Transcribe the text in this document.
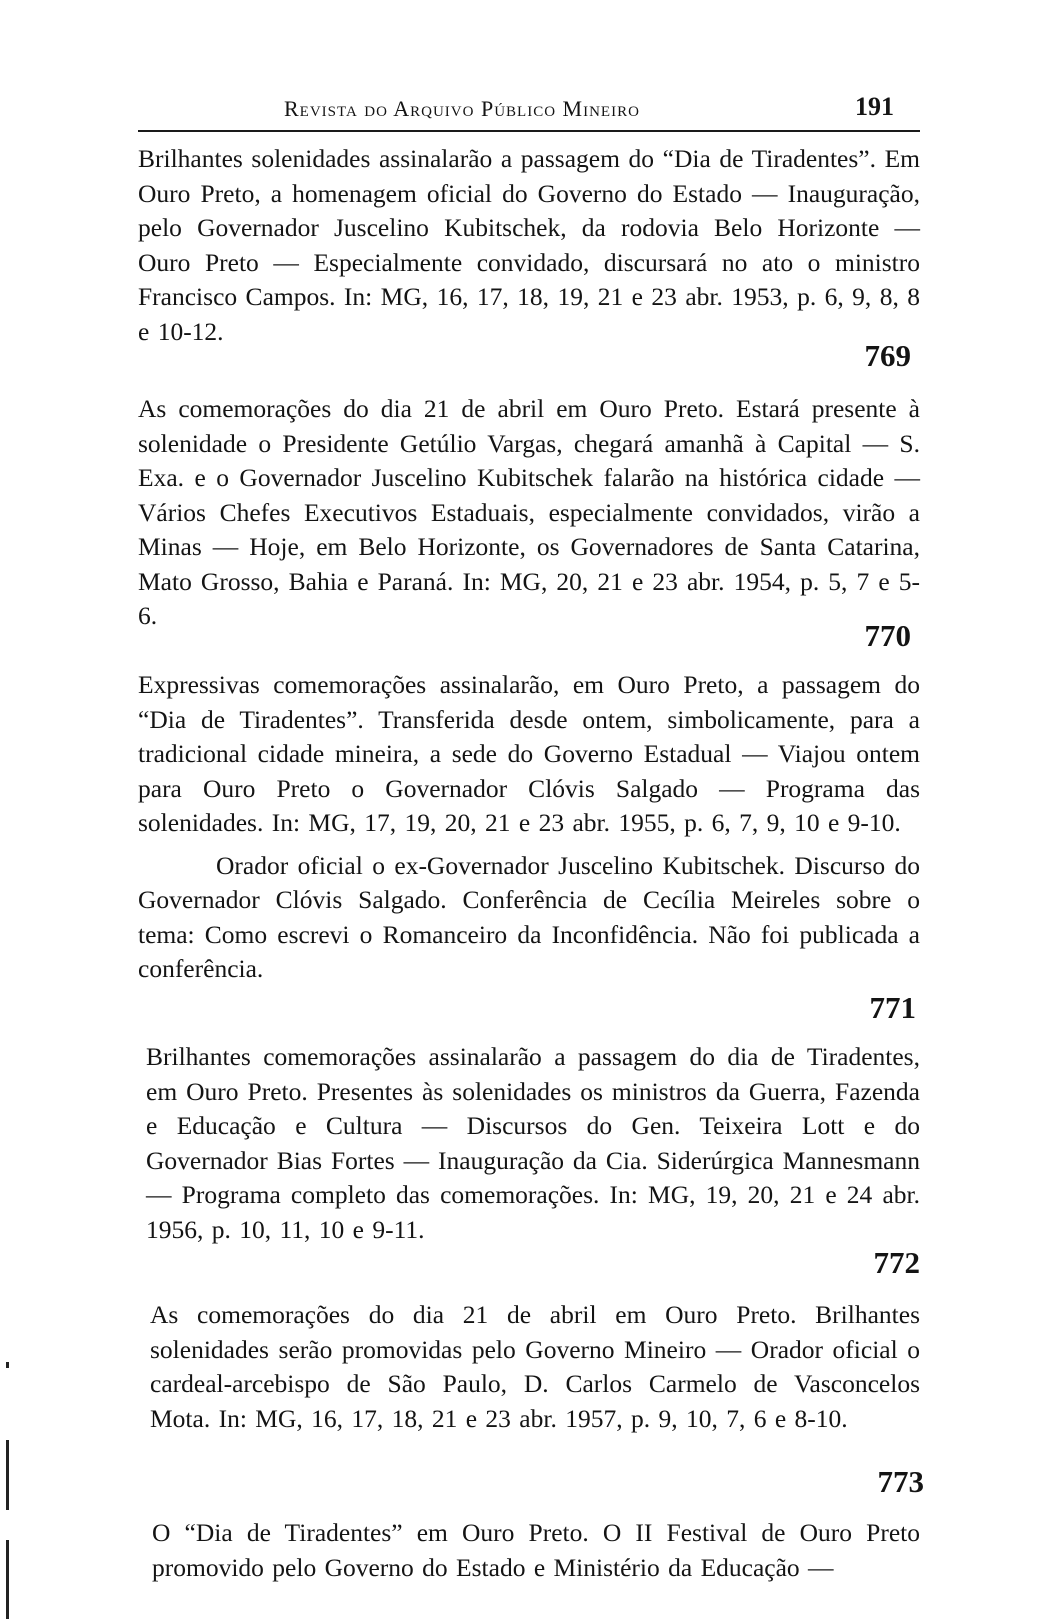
Revista do Arquivo Público Mineiro	191

Brilhantes solenidades assinalarão a passagem do “Dia de Tiradentes”. Em Ouro Preto, a homenagem oficial do Governo do Estado — Inauguração, pelo Governador Juscelino Kubitschek, da rodovia Belo Horizonte — Ouro Preto — Especialmente convidado, discursará no ato o ministro Francisco Campos. In: MG, 16, 17, 18, 19, 21 e 23 abr. 1953, p. 6, 9, 8, 8 e 10-12.

769

As comemorações do dia 21 de abril em Ouro Preto. Estará presente à solenidade o Presidente Getúlio Vargas, chegará amanhã à Capital — S. Exa. e o Governador Juscelino Kubitschek falarão na histórica cidade — Vários Chefes Executivos Estaduais, especialmente convidados, virão a Minas — Hoje, em Belo Horizonte, os Governadores de Santa Catarina, Mato Grosso, Bahia e Paraná. In: MG, 20, 21 e 23 abr. 1954, p. 5, 7 e 5-6.

770

Expressivas comemorações assinalarão, em Ouro Preto, a passagem do “Dia de Tiradentes”. Transferida desde ontem, simbolicamente, para a tradicional cidade mineira, a sede do Governo Estadual — Viajou ontem para Ouro Preto o Governador Clóvis Salgado — Programa das solenidades. In: MG, 17, 19, 20, 21 e 23 abr. 1955, p. 6, 7, 9, 10 e 9-10.

Orador oficial o ex-Governador Juscelino Kubitschek. Discurso do Governador Clóvis Salgado. Conferência de Cecília Meireles sobre o tema: Como escrevi o Romanceiro da Inconfidência. Não foi publicada a conferência.

771

Brilhantes comemorações assinalarão a passagem do dia de Tiradentes, em Ouro Preto. Presentes às solenidades os ministros da Guerra, Fazenda e Educação e Cultura — Discursos do Gen. Teixeira Lott e do Governador Bias Fortes — Inauguração da Cia. Siderúrgica Mannesmann — Programa completo das comemorações. In: MG, 19, 20, 21 e 24 abr. 1956, p. 10, 11, 10 e 9-11.

772

As comemorações do dia 21 de abril em Ouro Preto. Brilhantes solenidades serão promovidas pelo Governo Mineiro — Orador oficial o cardeal-arcebispo de São Paulo, D. Carlos Carmelo de Vasconcelos Mota. In: MG, 16, 17, 18, 21 e 23 abr. 1957, p. 9, 10, 7, 6 e 8-10.

773

O “Dia de Tiradentes” em Ouro Preto. O II Festival de Ouro Preto promovido pelo Governo do Estado e Ministério da Educação —
